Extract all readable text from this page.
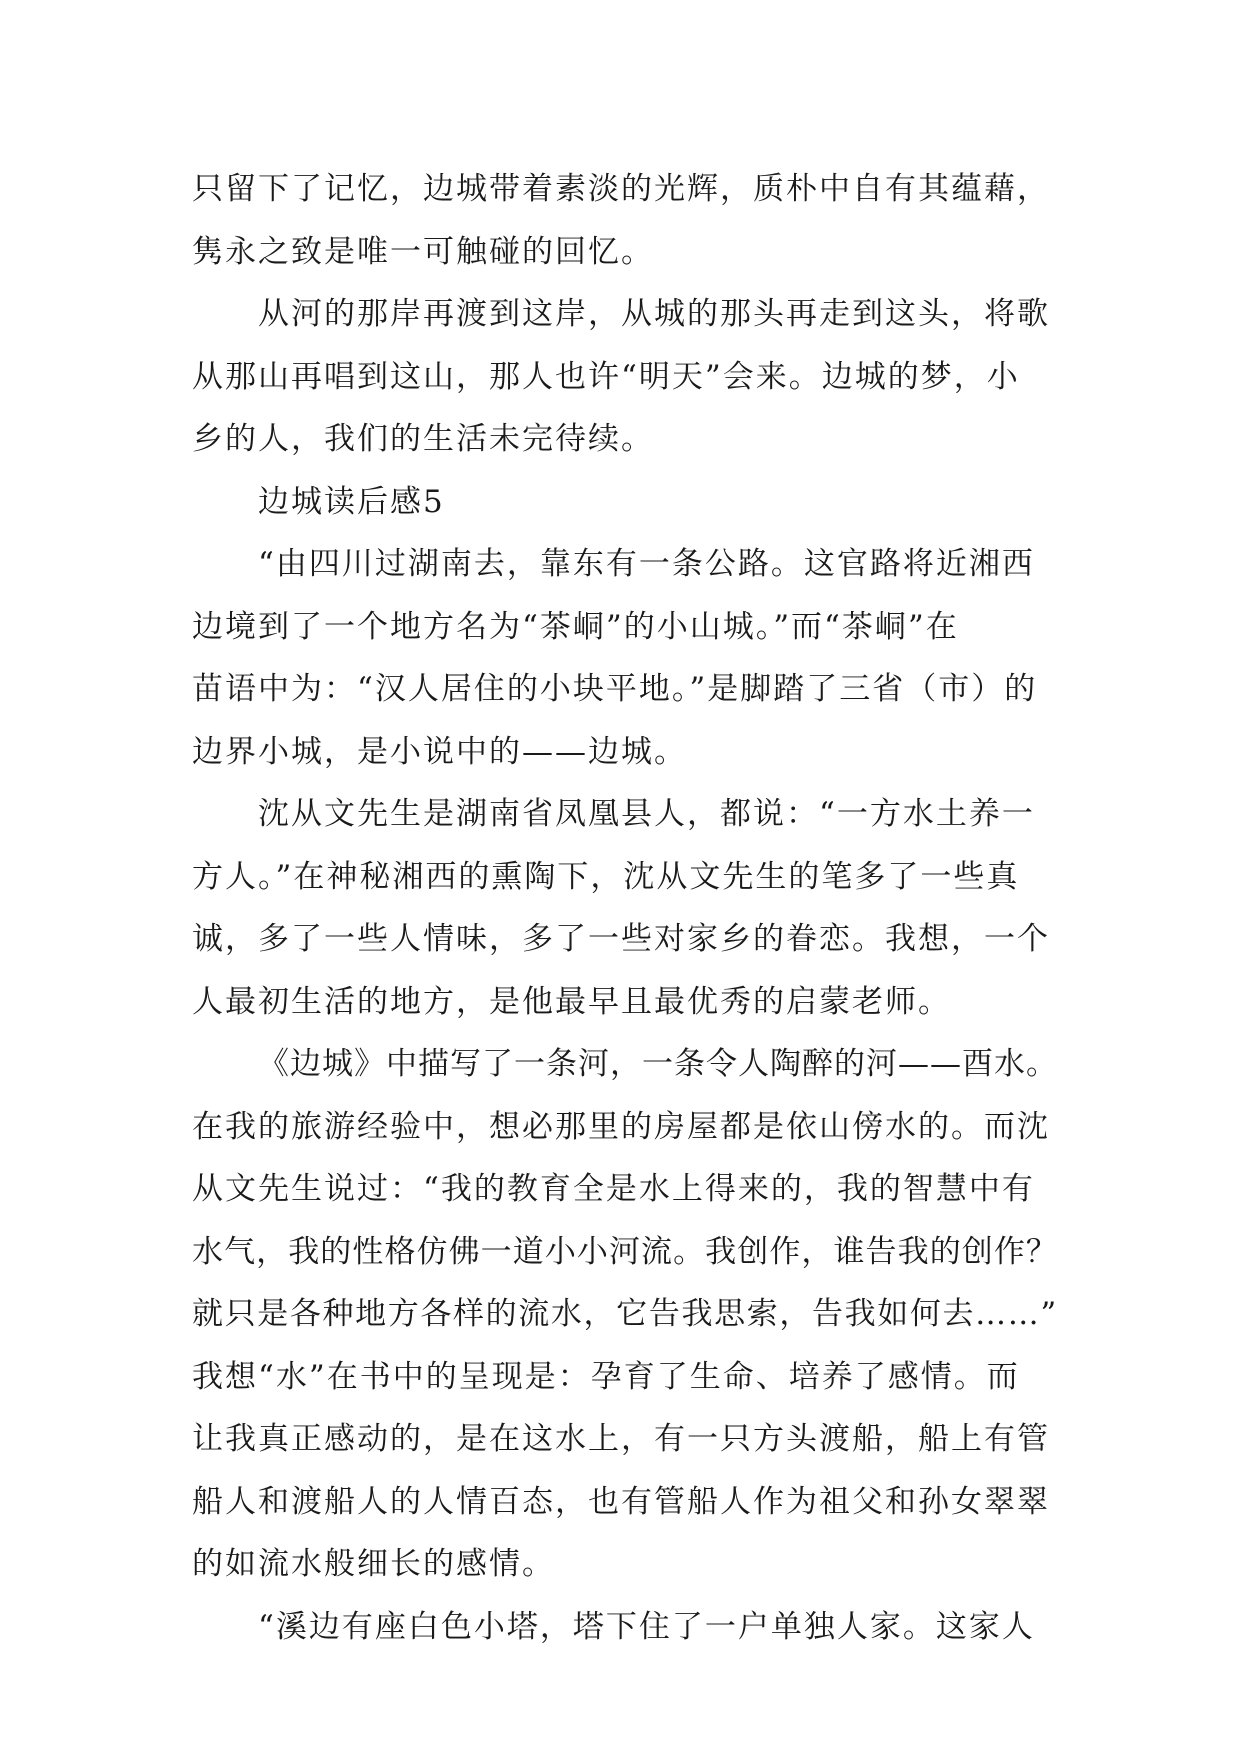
只留下了记忆，边城带着素淡的光辉，质朴中自有其蕴藉，
隽永之致是唯一可触碰的回忆。
从河的那岸再渡到这岸，从城的那头再走到这头，将歌
从那山再唱到这山，那人也许“明天”会来。边城的梦，小
乡的人，我们的生活未完待续。
边城读后感5
“由四川过湖南去，靠东有一条公路。这官路将近湘西
边境到了一个地方名为“茶峒”的小山城。”而“茶峒”在
苗语中为：“汉人居住的小块平地。”是脚踏了三省（市）的
边界小城，是小说中的——边城。
沈从文先生是湖南省凤凰县人，都说：“一方水土养一
方人。”在神秘湘西的熏陶下，沈从文先生的笔多了一些真
诚，多了一些人情味，多了一些对家乡的眷恋。我想，一个
人最初生活的地方，是他最早且最优秀的启蒙老师。
《边城》中描写了一条河，一条令人陶醉的河——酉水。
在我的旅游经验中，想必那里的房屋都是依山傍水的。而沈
从文先生说过：“我的教育全是水上得来的，我的智慧中有
水气，我的性格仿佛一道小小河流。我创作，谁告我的创作？
就只是各种地方各样的流水，它告我思索，告我如何去……”
我想“水”在书中的呈现是：孕育了生命、培养了感情。而
让我真正感动的，是在这水上，有一只方头渡船，船上有管
船人和渡船人的人情百态，也有管船人作为祖父和孙女翠翠
的如流水般细长的感情。
“溪边有座白色小塔，塔下住了一户单独人家。这家人
